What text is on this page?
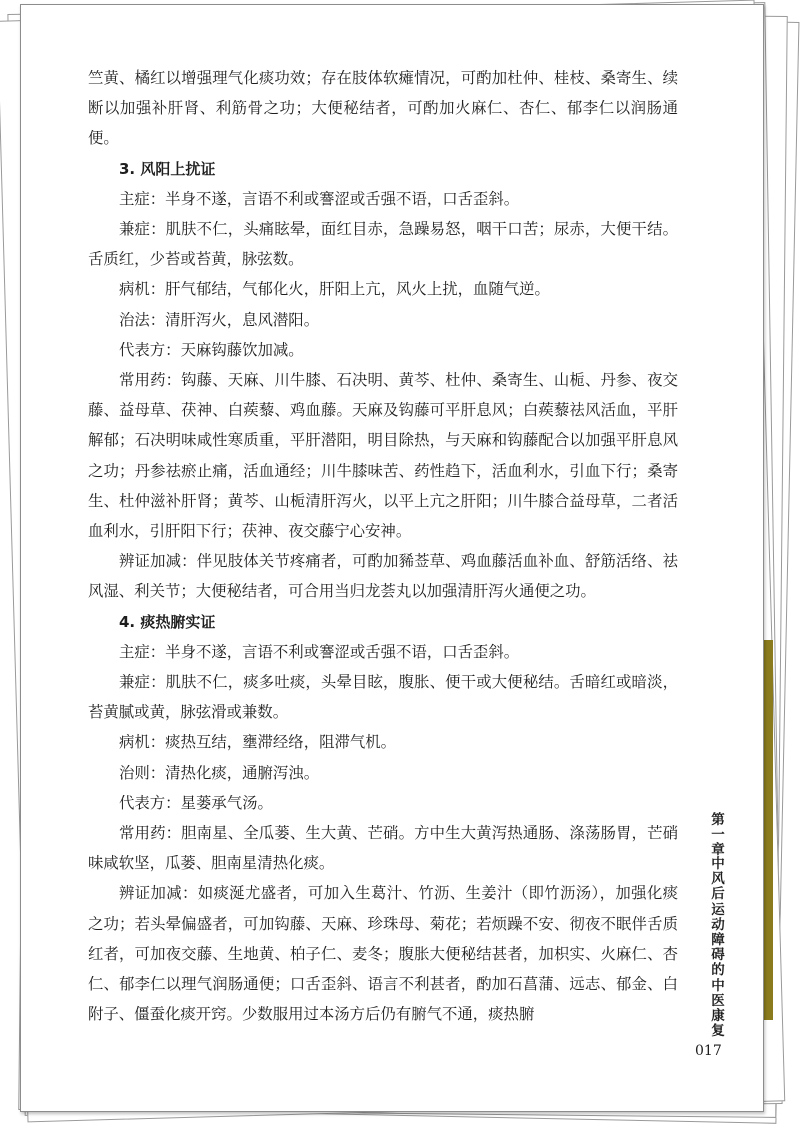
竺黄、橘红以增强理气化痰功效；存在肢体软瘫情况，可酌加杜仲、桂枝、桑寄生、续断以加强补肝肾、利筋骨之功；大便秘结者，可酌加火麻仁、杏仁、郁李仁以润肠通便。

3. 风阳上扰证

主症：半身不遂，言语不利或謇涩或舌强不语，口舌歪斜。

兼症：肌肤不仁，头痛眩晕，面红目赤，急躁易怒，咽干口苦；尿赤，大便干结。舌质红，少苔或苔黄，脉弦数。

病机：肝气郁结，气郁化火，肝阳上亢，风火上扰，血随气逆。

治法：清肝泻火，息风潜阳。

代表方：天麻钩藤饮加减。

常用药：钩藤、天麻、川牛膝、石决明、黄芩、杜仲、桑寄生、山栀、丹参、夜交藤、益母草、茯神、白蒺藜、鸡血藤。天麻及钩藤可平肝息风；白蒺藜祛风活血，平肝解郁；石决明味咸性寒质重，平肝潜阳，明目除热，与天麻和钩藤配合以加强平肝息风之功；丹参祛瘀止痛，活血通经；川牛膝味苦、药性趋下，活血利水，引血下行；桑寄生、杜仲滋补肝肾；黄芩、山栀清肝泻火，以平上亢之肝阳；川牛膝合益母草，二者活血利水，引肝阳下行；茯神、夜交藤宁心安神。

辨证加减：伴见肢体关节疼痛者，可酌加豨莶草、鸡血藤活血补血、舒筋活络、祛风湿、利关节；大便秘结者，可合用当归龙荟丸以加强清肝泻火通便之功。

4. 痰热腑实证

主症：半身不遂，言语不利或謇涩或舌强不语，口舌歪斜。

兼症：肌肤不仁，痰多吐痰，头晕目眩，腹胀、便干或大便秘结。舌暗红或暗淡，苔黄腻或黄，脉弦滑或兼数。

病机：痰热互结，壅滞经络，阻滞气机。

治则：清热化痰，通腑泻浊。

代表方：星蒌承气汤。

常用药：胆南星、全瓜蒌、生大黄、芒硝。方中生大黄泻热通肠、涤荡肠胃，芒硝味咸软坚，瓜蒌、胆南星清热化痰。

辨证加减：如痰涎尤盛者，可加入生葛汁、竹沥、生姜汁（即竹沥汤），加强化痰之功；若头晕偏盛者，可加钩藤、天麻、珍珠母、菊花；若烦躁不安、彻夜不眠伴舌质红者，可加夜交藤、生地黄、柏子仁、麦冬；腹胀大便秘结甚者，加枳实、火麻仁、杏仁、郁李仁以理气润肠通便；口舌歪斜、语言不利甚者，酌加石菖蒲、远志、郁金、白附子、僵蚕化痰开窍。少数服用过本汤方后仍有腑气不通，痰热腑

第一章
中风后运动障碍的中医康复
017
